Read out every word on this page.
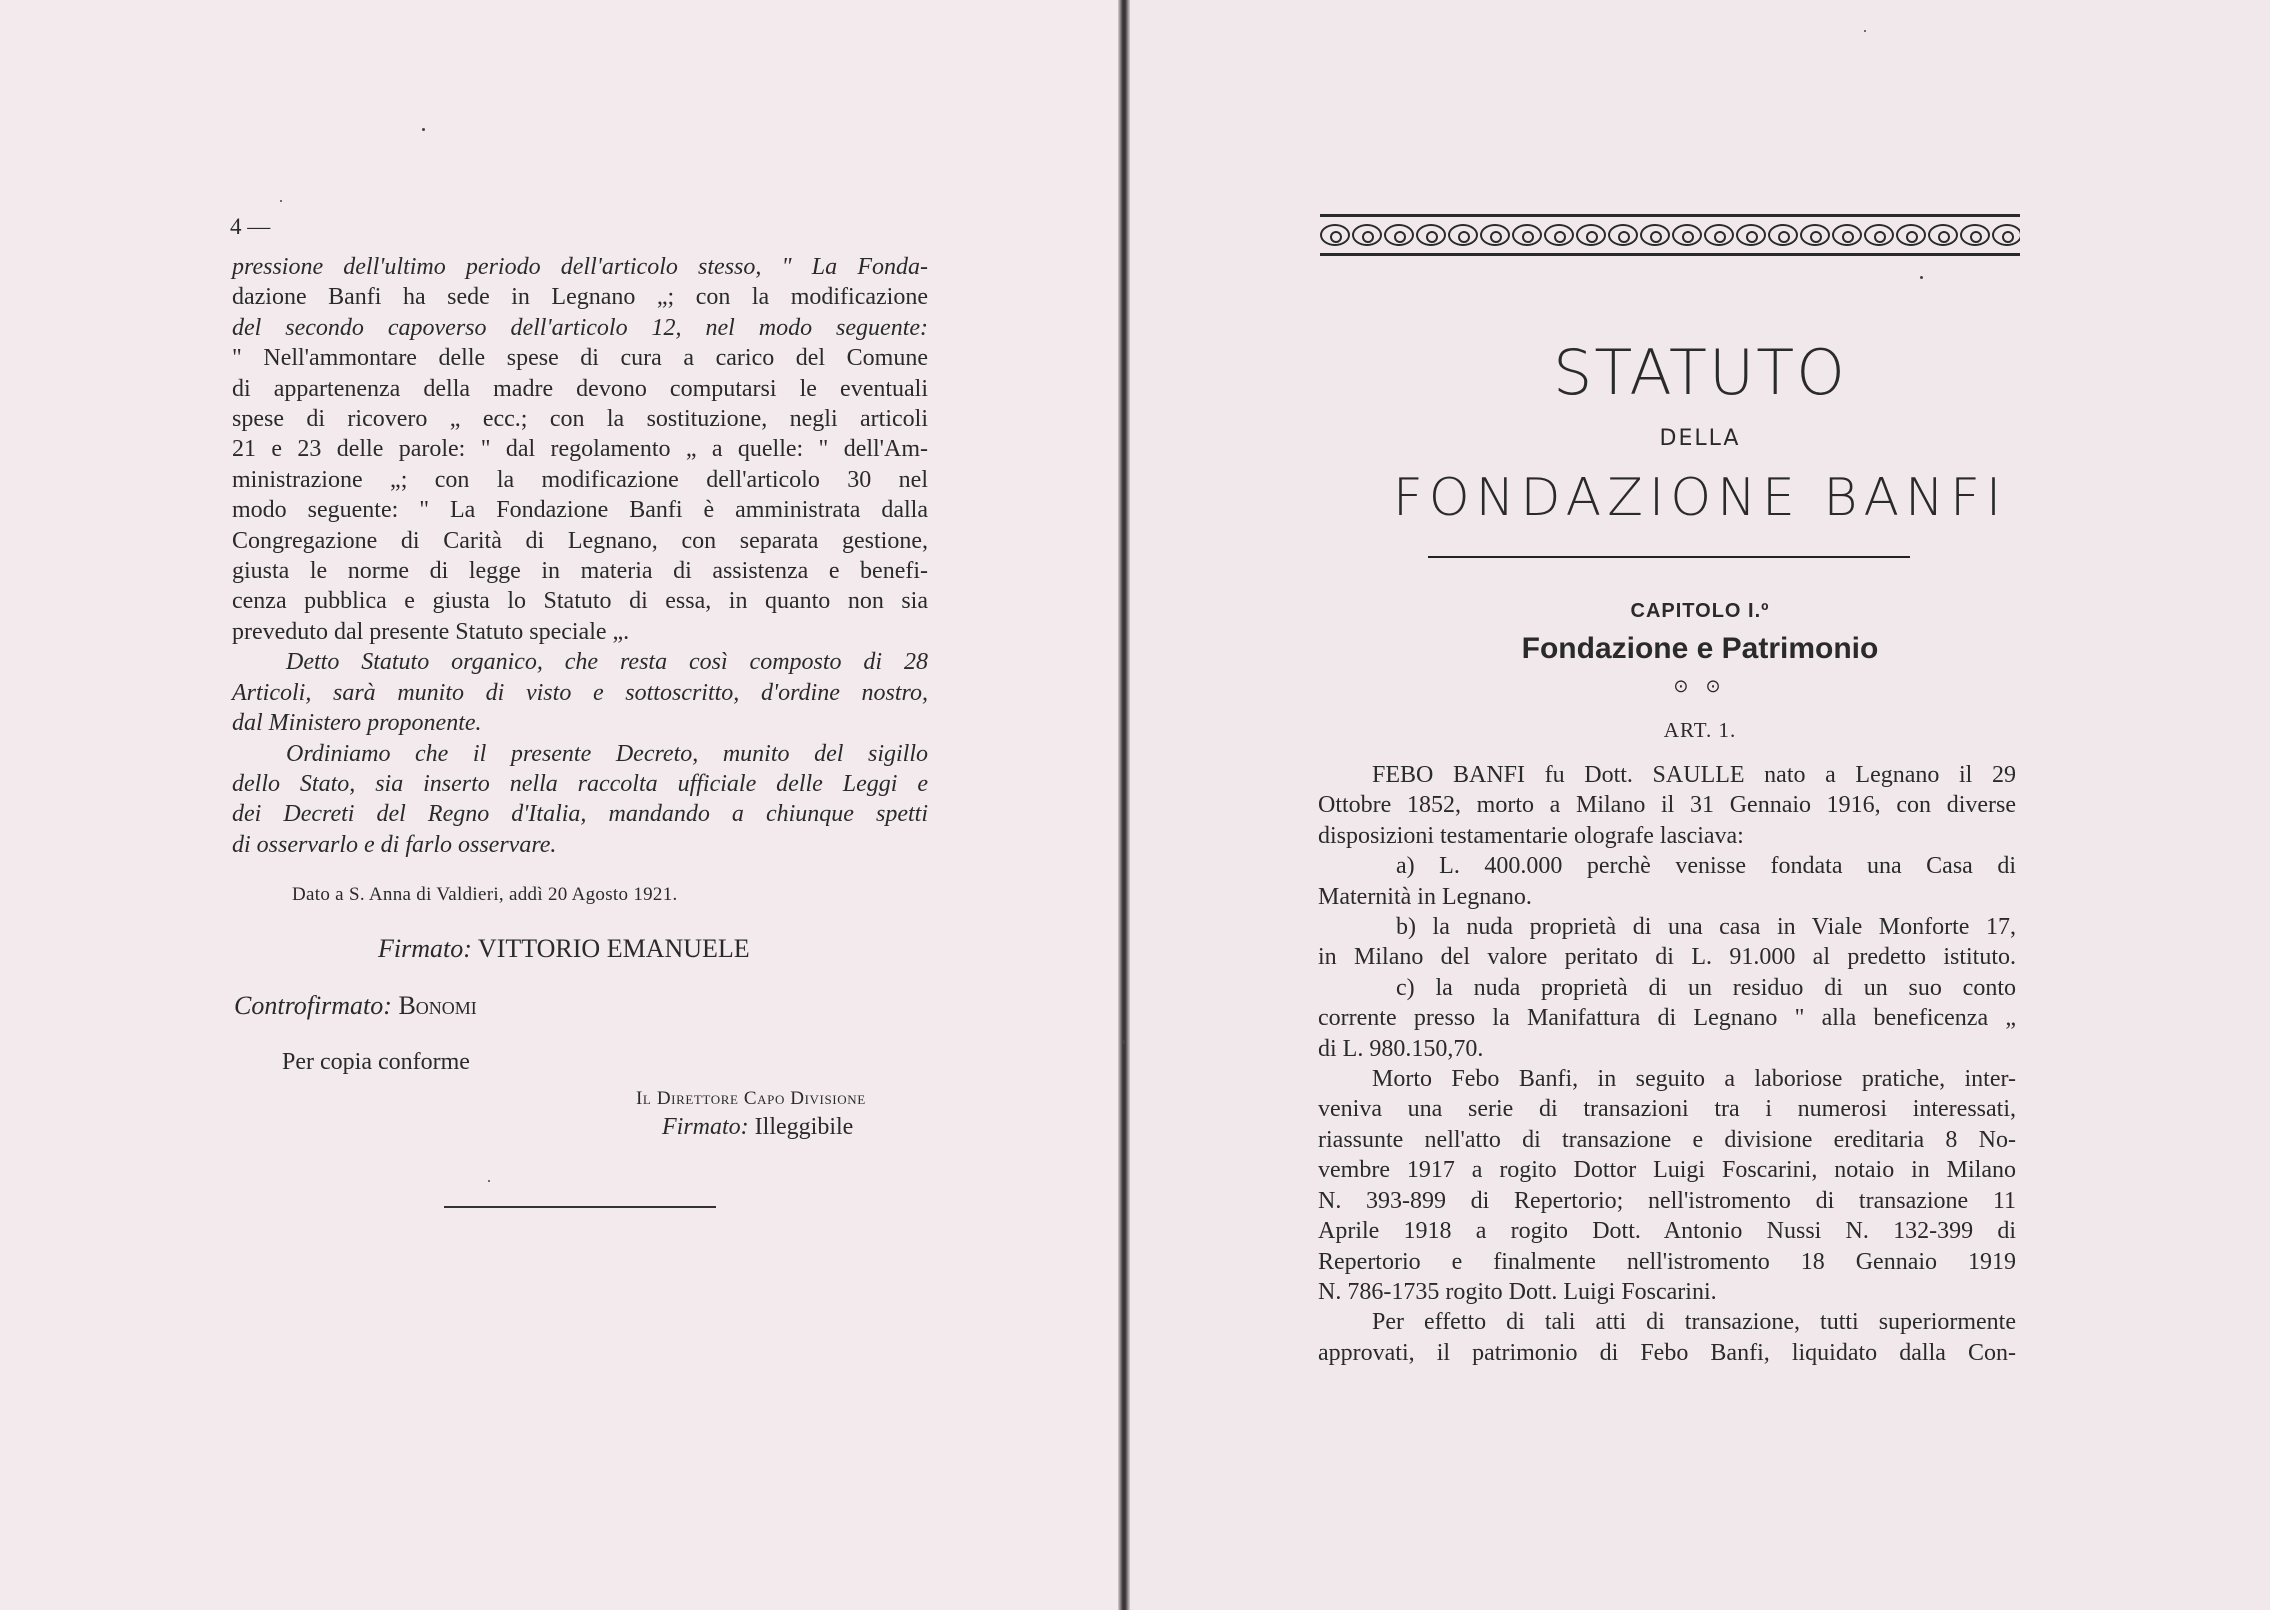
4 —
pressione dell'ultimo periodo dell'articolo stesso, " La Fonda-
dazione Banfi ha sede in Legnano „; con la modificazione
del secondo capoverso dell'articolo 12, nel modo seguente:
" Nell'ammontare delle spese di cura a carico del Comune
di appartenenza della madre devono computarsi le eventuali
spese di ricovero „ ecc.; con la sostituzione, negli articoli
21 e 23 delle parole: " dal regolamento „ a quelle: " dell'Am-
ministrazione „; con la modificazione dell'articolo 30 nel
modo seguente: " La Fondazione Banfi è amministrata dalla
Congregazione di Carità di Legnano, con separata gestione,
giusta le norme di legge in materia di assistenza e benefi-
cenza pubblica e giusta lo Statuto di essa, in quanto non sia
preveduto dal presente Statuto speciale „.
Detto Statuto organico, che resta così composto di 28
Articoli, sarà munito di visto e sottoscritto, d'ordine nostro,
dal Ministero proponente.
Ordiniamo che il presente Decreto, munito del sigillo
dello Stato, sia inserto nella raccolta ufficiale delle Leggi e
dei Decreti del Regno d'Italia, mandando a chiunque spetti
di osservarlo e di farlo osservare.
Dato a S. Anna di Valdieri, addì 20 Agosto 1921.
Firmato: VITTORIO EMANUELE
Controfirmato: Bonomi
Per copia conforme
Il Direttore Capo Divisione
Firmato: Illeggibile
STATUTO
DELLA
FONDAZIONE BANFI
CAPITOLO I.º
Fondazione e Patrimonio
⊙ ⊙
ART. 1.
FEBO BANFI fu Dott. SAULLE nato a Legnano il 29
Ottobre 1852, morto a Milano il 31 Gennaio 1916, con diverse
disposizioni testamentarie olografe lasciava:
a) L. 400.000 perchè venisse fondata una Casa di
Maternità in Legnano.
b) la nuda proprietà di una casa in Viale Monforte 17,
in Milano del valore peritato di L. 91.000 al predetto istituto.
c) la nuda proprietà di un residuo di un suo conto
corrente presso la Manifattura di Legnano " alla beneficenza „
di L. 980.150,70.
Morto Febo Banfi, in seguito a laboriose pratiche, inter-
veniva una serie di transazioni tra i numerosi interessati,
riassunte nell'atto di transazione e divisione ereditaria 8 No-
vembre 1917 a rogito Dottor Luigi Foscarini, notaio in Milano
N. 393-899 di Repertorio; nell'istromento di transazione 11
Aprile 1918 a rogito Dott. Antonio Nussi N. 132-399 di
Repertorio e finalmente nell'istromento 18 Gennaio 1919
N. 786-1735 rogito Dott. Luigi Foscarini.
Per effetto di tali atti di transazione, tutti superiormente
approvati, il patrimonio di Febo Banfi, liquidato dalla Con-
